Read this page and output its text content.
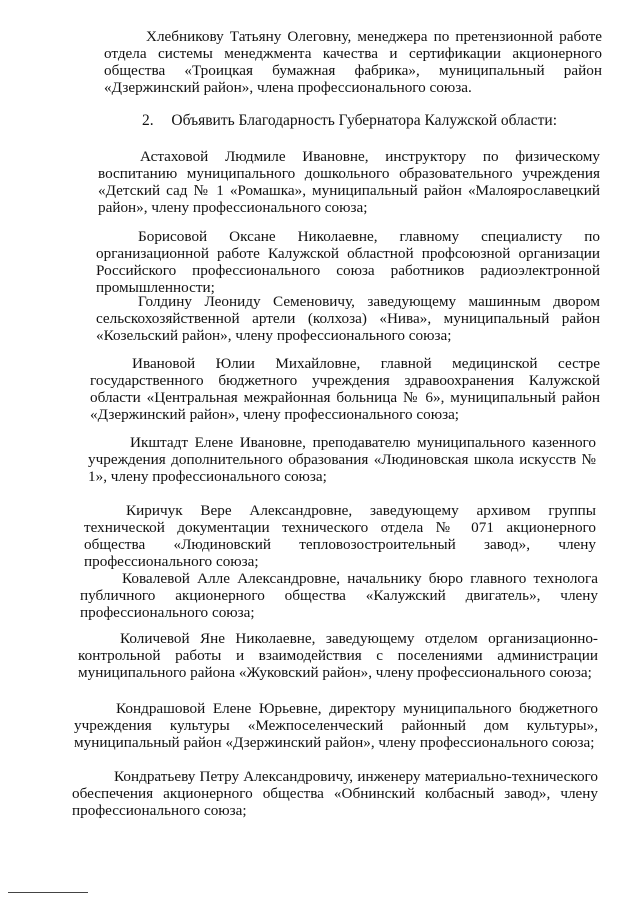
Хлебникову Татьяну Олеговну, менеджера по претензионной работе отдела системы менеджмента качества и сертификации акционерного общества «Троицкая бумажная фабрика», муниципальный район «Дзержинский район», члена профессионального союза.

2. Объявить Благодарность Губернатора Калужской области:

Астаховой Людмиле Ивановне, инструктору по физическому воспитанию муниципального дошкольного образовательного учреждения «Детский сад № 1 «Ромашка», муниципальный район «Малоярославецкий район», члену профессионального союза;

Борисовой Оксане Николаевне, главному специалисту по организационной работе Калужской областной профсоюзной организации Российского профессионального союза работников радиоэлектронной промышленности;

Голдину Леониду Семеновичу, заведующему машинным двором сельскохозяйственной артели (колхоза) «Нива», муниципальный район «Козельский район», члену профессионального союза;

Ивановой Юлии Михайловне, главной медицинской сестре государственного бюджетного учреждения здравоохранения Калужской области «Центральная межрайонная больница № 6», муниципальный район «Дзержинский район», члену профессионального союза;

Икштадт Елене Ивановне, преподавателю муниципального казенного учреждения дополнительного образования «Людиновская школа искусств № 1», члену профессионального союза;

Киричук Вере Александровне, заведующему архивом группы технической документации технического отдела № 071 акционерного общества «Людиновский тепловозостроительный завод», члену профессионального союза;

Ковалевой Алле Александровне, начальнику бюро главного технолога публичного акционерного общества «Калужский двигатель», члену профессионального союза;

Количевой Яне Николаевне, заведующему отделом организационно-контрольной работы и взаимодействия с поселениями администрации муниципального района «Жуковский район», члену профессионального союза;

Кондрашовой Елене Юрьевне, директору муниципального бюджетного учреждения культуры «Межпоселенческий районный дом культуры», муниципальный район «Дзержинский район», члену профессионального союза;

Кондратьеву Петру Александровичу, инженеру материально-технического обеспечения акционерного общества «Обнинский колбасный завод», члену профессионального союза;
